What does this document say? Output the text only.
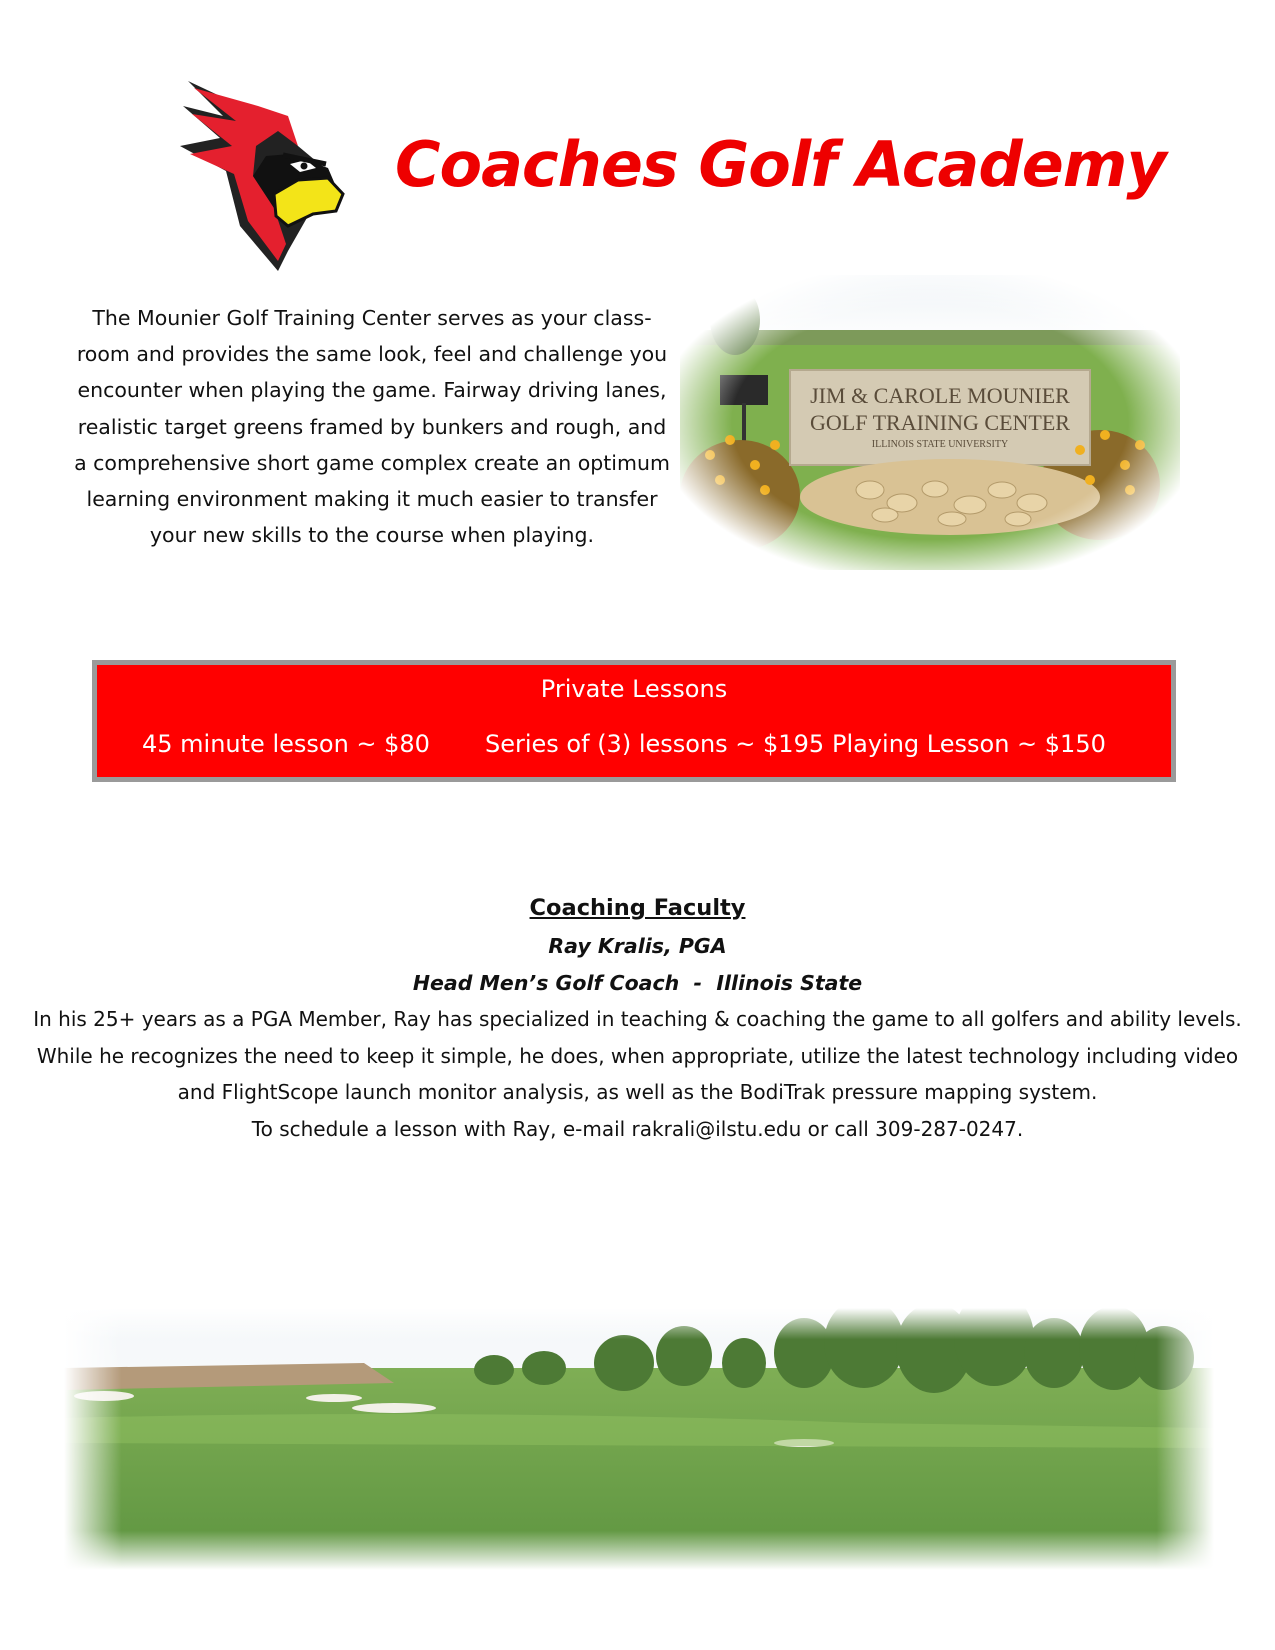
Coaches Golf Academy
The Mounier Golf Training Center serves as your class-room and provides the same look, feel and challenge you encounter when playing the game. Fairway driving lanes, realistic target greens framed by bunkers and rough, and a comprehensive short game complex create an optimum learning environment making it much easier to transfer your new skills to the course when playing.
Private Lessons
45 minute lesson ~ $80 Series of (3) lessons ~ $195 Playing Lesson ~ $150
Coaching Faculty
Ray Kralis, PGA
Head Men’s Golf Coach  -  Illinois State
In his 25+ years as a PGA Member, Ray has specialized in teaching & coaching the game to all golfers and ability levels.
While he recognizes the need to keep it simple, he does, when appropriate, utilize the latest technology including video
and FlightScope launch monitor analysis, as well as the BodiTrak pressure mapping system.
To schedule a lesson with Ray, e-mail rakrali@ilstu.edu or call 309-287-0247.
